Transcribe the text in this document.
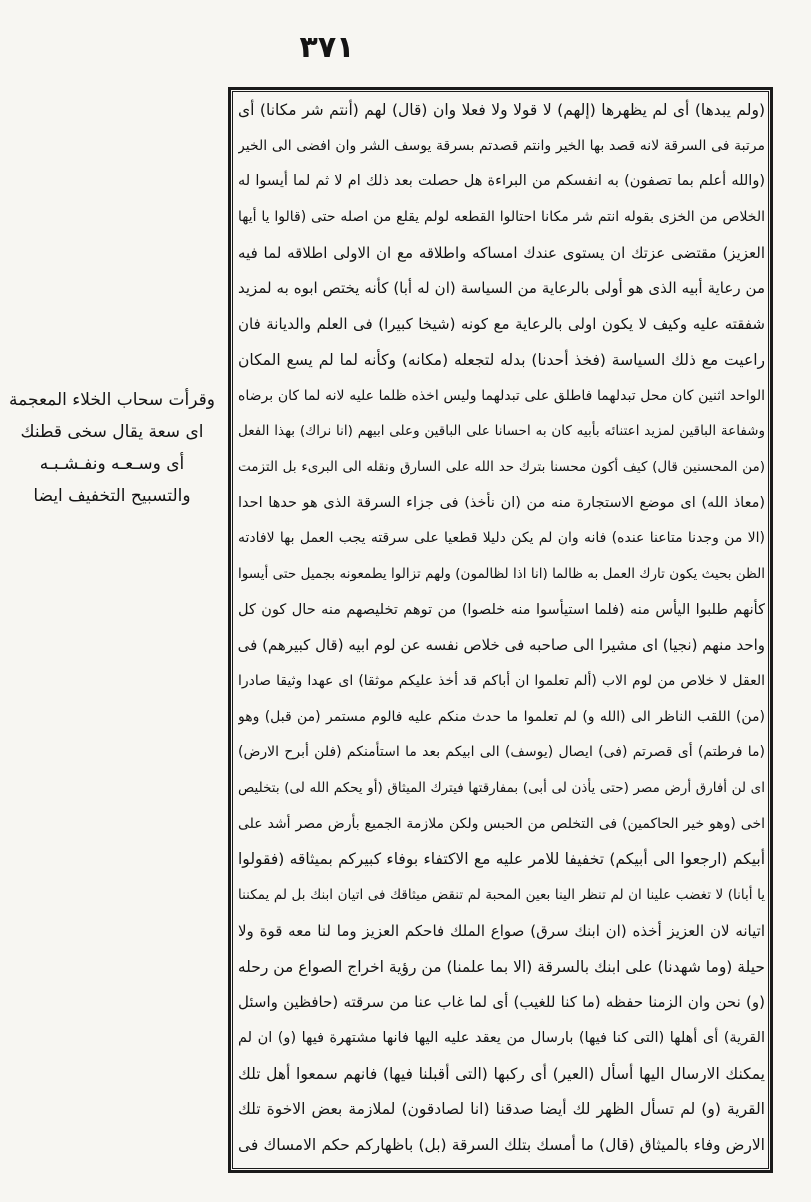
٣٧١
(ولم يبدها) أى لم يظهرها (إلهم) لا قولا ولا فعلا وان (قال) لهم (أنتم شر مكانا) أى
مرتبة فى السرقة لانه قصد بها الخير وانتم قصدتم بسرقة يوسف الشر وان افضى الى الخير
(والله أعلم بما تصفون) به انفسكم من البراءة هل حصلت بعد ذلك ام لا ثم لما أيسوا له
الخلاص من الخزى بقوله انتم شر مكانا احتالوا القطعه لولم يقلع من اصله حتى (قالوا يا أيها
العزيز) مقتضى عزتك ان يستوى عندك امساكه واطلاقه مع ان الاولى اطلاقه لما فيه
من رعاية أبيه الذى هو أولى بالرعاية من السياسة (ان له أبا) كأنه يختص ابوه به لمزيد
شفقته عليه وكيف لا يكون اولى بالرعاية مع كونه (شيخا كبيرا) فى العلم والديانة فان
راعيت مع ذلك السياسة (فخذ أحدنا) بدله لتجعله (مكانه) وكأنه لما لم يسع المكان
الواحد اثنين كان محل تبدلهما فاطلق على تبدلهما وليس اخذه ظلما عليه لانه لما كان برضاه
وشفاعة الباقين لمزيد اعتنائه بأبيه كان به احسانا على الباقين وعلى ابيهم (انا نراك) بهذا الفعل
(من المحسنين قال) كيف أكون محسنا بترك حد الله على السارق ونقله الى البرىء بل التزمت
(معاذ الله) اى موضع الاستجارة منه من (ان نأخذ) فى جزاء السرقة الذى هو حدها احدا
(الا من وجدنا متاعنا عنده) فانه وان لم يكن دليلا قطعيا على سرقته يجب العمل بها لافادته
الظن بحيث يكون تارك العمل به ظالما (انا اذا لظالمون) ولهم تزالوا يطمعونه بجميل حتى أيسوا
كأنهم طلبوا اليأس منه (فلما استيأسوا منه خلصوا) من توهم تخليصهم منه حال كون كل
واحد منهم (نجيا) اى مشيرا الى صاحبه فى خلاص نفسه عن لوم ابيه (قال كبيرهم) فى
العقل لا خلاص من لوم الاب (ألم تعلموا ان أباكم قد أخذ عليكم موثقا) اى عهدا وثيقا صادرا
(من) اللقب الناظر الى (الله و) لم تعلموا ما حدث منكم عليه فالوم مستمر (من قبل) وهو
(ما فرطتم) أى قصرتم (فى) ايصال (يوسف) الى ابيكم بعد ما استأمنكم (فلن أبرح الارض)
اى لن أفارق أرض مصر (حتى يأذن لى أبى) بمفارقتها فيترك الميثاق (أو يحكم الله لى) بتخليص
اخى (وهو خير الحاكمين) فى التخلص من الحبس ولكن ملازمة الجميع بأرض مصر أشد على
أبيكم (ارجعوا الى أبيكم) تخفيفا للامر عليه مع الاكتفاء بوفاء كبيركم بميثاقه (فقولوا
يا أبانا) لا تغضب علينا ان لم تنظر الينا بعين المحبة لم تنقض ميثاقك فى اتيان ابنك بل لم يمكننا
اتيانه لان العزيز أخذه (ان ابنك سرق) صواع الملك فاحكم العزيز وما لنا معه قوة ولا
حيلة (وما شهدنا) على ابنك بالسرقة (الا بما علمنا) من رؤية اخراج الصواع من رحله
(و) نحن وان الزمنا حفظه (ما كنا للغيب) أى لما غاب عنا من سرقته (حافظين واسئل
القرية) أى أهلها (التى كنا فيها) بارسال من يعقد عليه اليها فانها مشتهرة فيها (و) ان لم
يمكنك الارسال اليها أسأل (العير) أى ركبها (التى أقبلنا فيها) فانهم سمعوا أهل تلك
القرية (و) لم تسأل الظهر لك أيضا صدقنا (انا لصادقون) لملازمة بعض الاخوة تلك
الارض وفاء بالميثاق (قال) ما أمسك بتلك السرقة (بل) باظهاركم حكم الامساك فى
وقرأت سحاب الخلاء المعجمة
اى سعة يقال سخى قطنك
أى وسـعـه ونفـشـبـه
والتسبيح التخفيف ايضا
